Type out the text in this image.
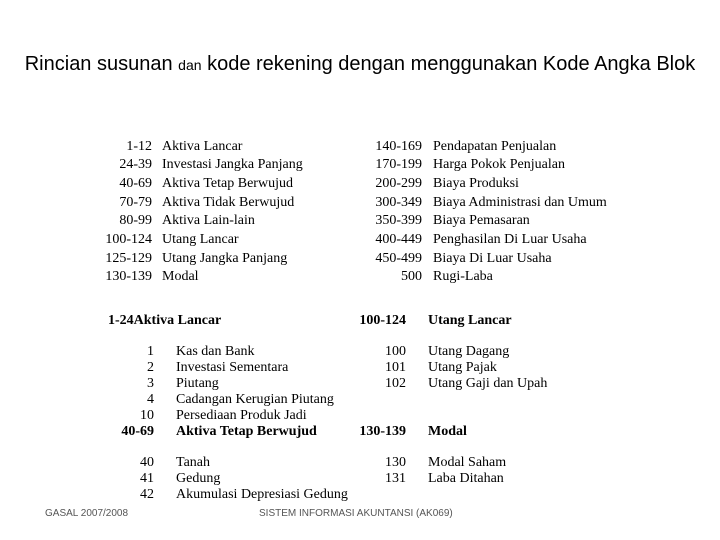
Rincian susunan dan kode rekening dengan menggunakan Kode Angka Blok
1-12 Aktiva Lancar
24-39 Investasi Jangka Panjang
40-69 Aktiva Tetap Berwujud
70-79 Aktiva Tidak Berwujud
80-99 Aktiva Lain-lain
100-124 Utang Lancar
125-129 Utang Jangka Panjang
130-139 Modal
140-169 Pendapatan Penjualan
170-199 Harga Pokok Penjualan
200-299 Biaya Produksi
300-349 Biaya Administrasi dan Umum
350-399 Biaya Pemasaran
400-449 Penghasilan Di Luar Usaha
450-499 Biaya Di Luar Usaha
500 Rugi-Laba
1-24Aktiva Lancar	100-124 Utang Lancar
1 Kas dan Bank
2 Investasi Sementara
3 Piutang
4 Cadangan Kerugian Piutang
10 Persediaan Produk Jadi
100 Utang Dagang
101 Utang Pajak
102 Utang Gaji dan Upah
40-69 Aktiva Tetap Berwujud	130-139 Modal
40 Tanah
41 Gedung
42 Akumulasi Depresiasi Gedung
130 Modal Saham
131 Laba Ditahan
GASAL 2007/2008	SISTEM INFORMASI AKUNTANSI (AK069)
